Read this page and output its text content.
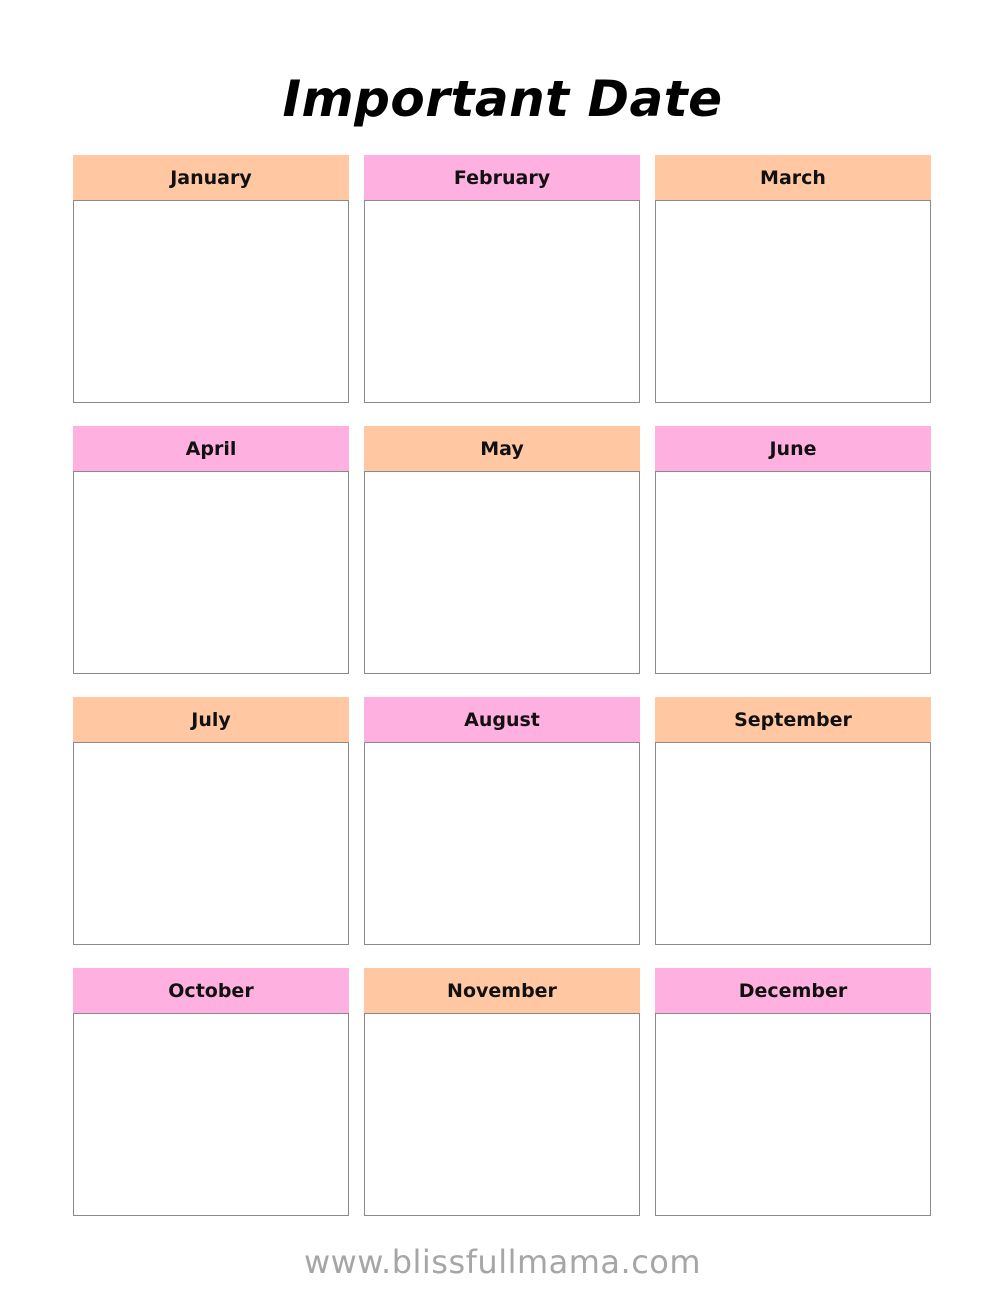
Important Date
January	February	March
April	May	June
July	August	September
October	November	December
www.blissfullmama.com
